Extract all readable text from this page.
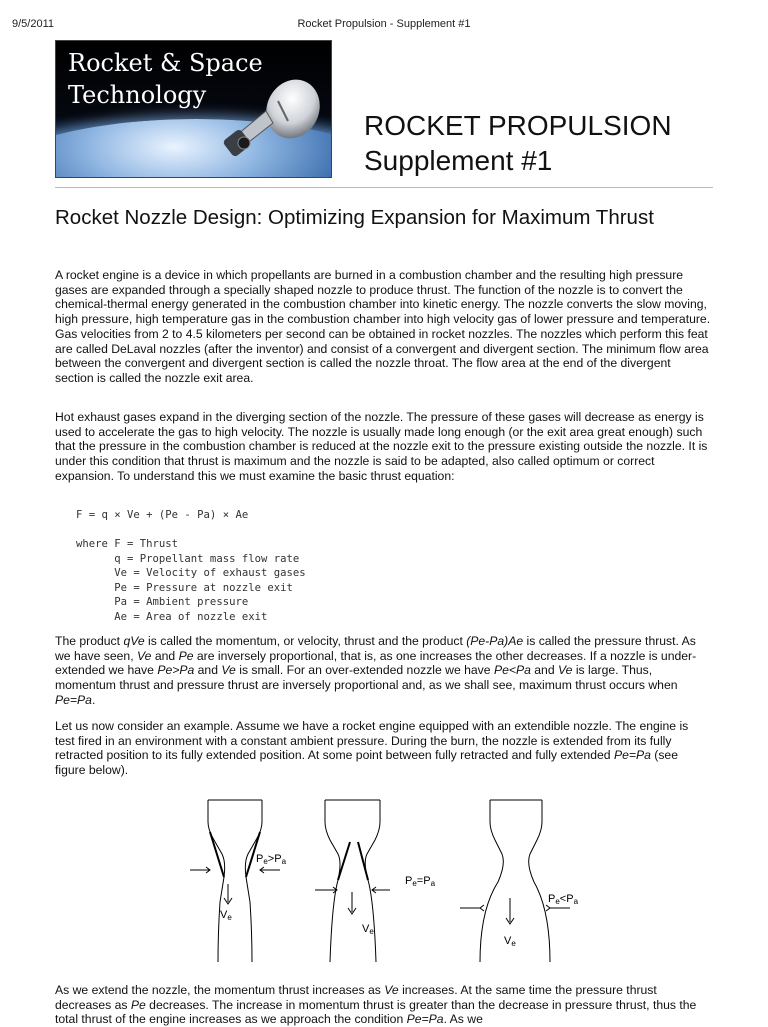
9/5/2011	Rocket Propulsion - Supplement #1
Rocket & Space
Technology
ROCKET PROPULSION
Supplement #1
Rocket Nozzle Design: Optimizing Expansion for Maximum Thrust

A rocket engine is a device in which propellants are burned in a combustion chamber and the resulting high pressure gases are expanded through a specially shaped nozzle to produce thrust. The function of the nozzle is to convert the chemical-thermal energy generated in the combustion chamber into kinetic energy. The nozzle converts the slow moving, high pressure, high temperature gas in the combustion chamber into high velocity gas of lower pressure and temperature. Gas velocities from 2 to 4.5 kilometers per second can be obtained in rocket nozzles. The nozzles which perform this feat are called DeLaval nozzles (after the inventor) and consist of a convergent and divergent section. The minimum flow area between the convergent and divergent section is called the nozzle throat. The flow area at the end of the divergent section is called the nozzle exit area.

Hot exhaust gases expand in the diverging section of the nozzle. The pressure of these gases will decrease as energy is used to accelerate the gas to high velocity. The nozzle is usually made long enough (or the exit area great enough) such that the pressure in the combustion chamber is reduced at the nozzle exit to the pressure existing outside the nozzle. It is under this condition that thrust is maximum and the nozzle is said to be adapted, also called optimum or correct expansion. To understand this we must examine the basic thrust equation:

F = q × Ve + (Pe - Pa) × Ae
where F = Thrust
q = Propellant mass flow rate
Ve = Velocity of exhaust gases
Pe = Pressure at nozzle exit
Pa = Ambient pressure
Ae = Area of nozzle exit

The product qVe is called the momentum, or velocity, thrust and the product (Pe-Pa)Ae is called the pressure thrust. As we have seen, Ve and Pe are inversely proportional, that is, as one increases the other decreases. If a nozzle is under-extended we have Pe>Pa and Ve is small. For an over-extended nozzle we have Pe<Pa and Ve is large. Thus, momentum thrust and pressure thrust are inversely proportional and, as we shall see, maximum thrust occurs when Pe=Pa.

Let us now consider an example. Assume we have a rocket engine equipped with an extendible nozzle. The engine is test fired in an environment with a constant ambient pressure. During the burn, the nozzle is extended from its fully retracted position to its fully extended position. At some point between fully retracted and fully extended Pe=Pa (see figure below).

Pe>Pa
Ve
Pe=Pa
Ve
Pe<Pa
Ve

As we extend the nozzle, the momentum thrust increases as Ve increases. At the same time the pressure thrust decreases as Pe decreases. The increase in momentum thrust is greater than the decrease in pressure thrust, thus the total thrust of the engine increases as we approach the condition Pe=Pa. As we
